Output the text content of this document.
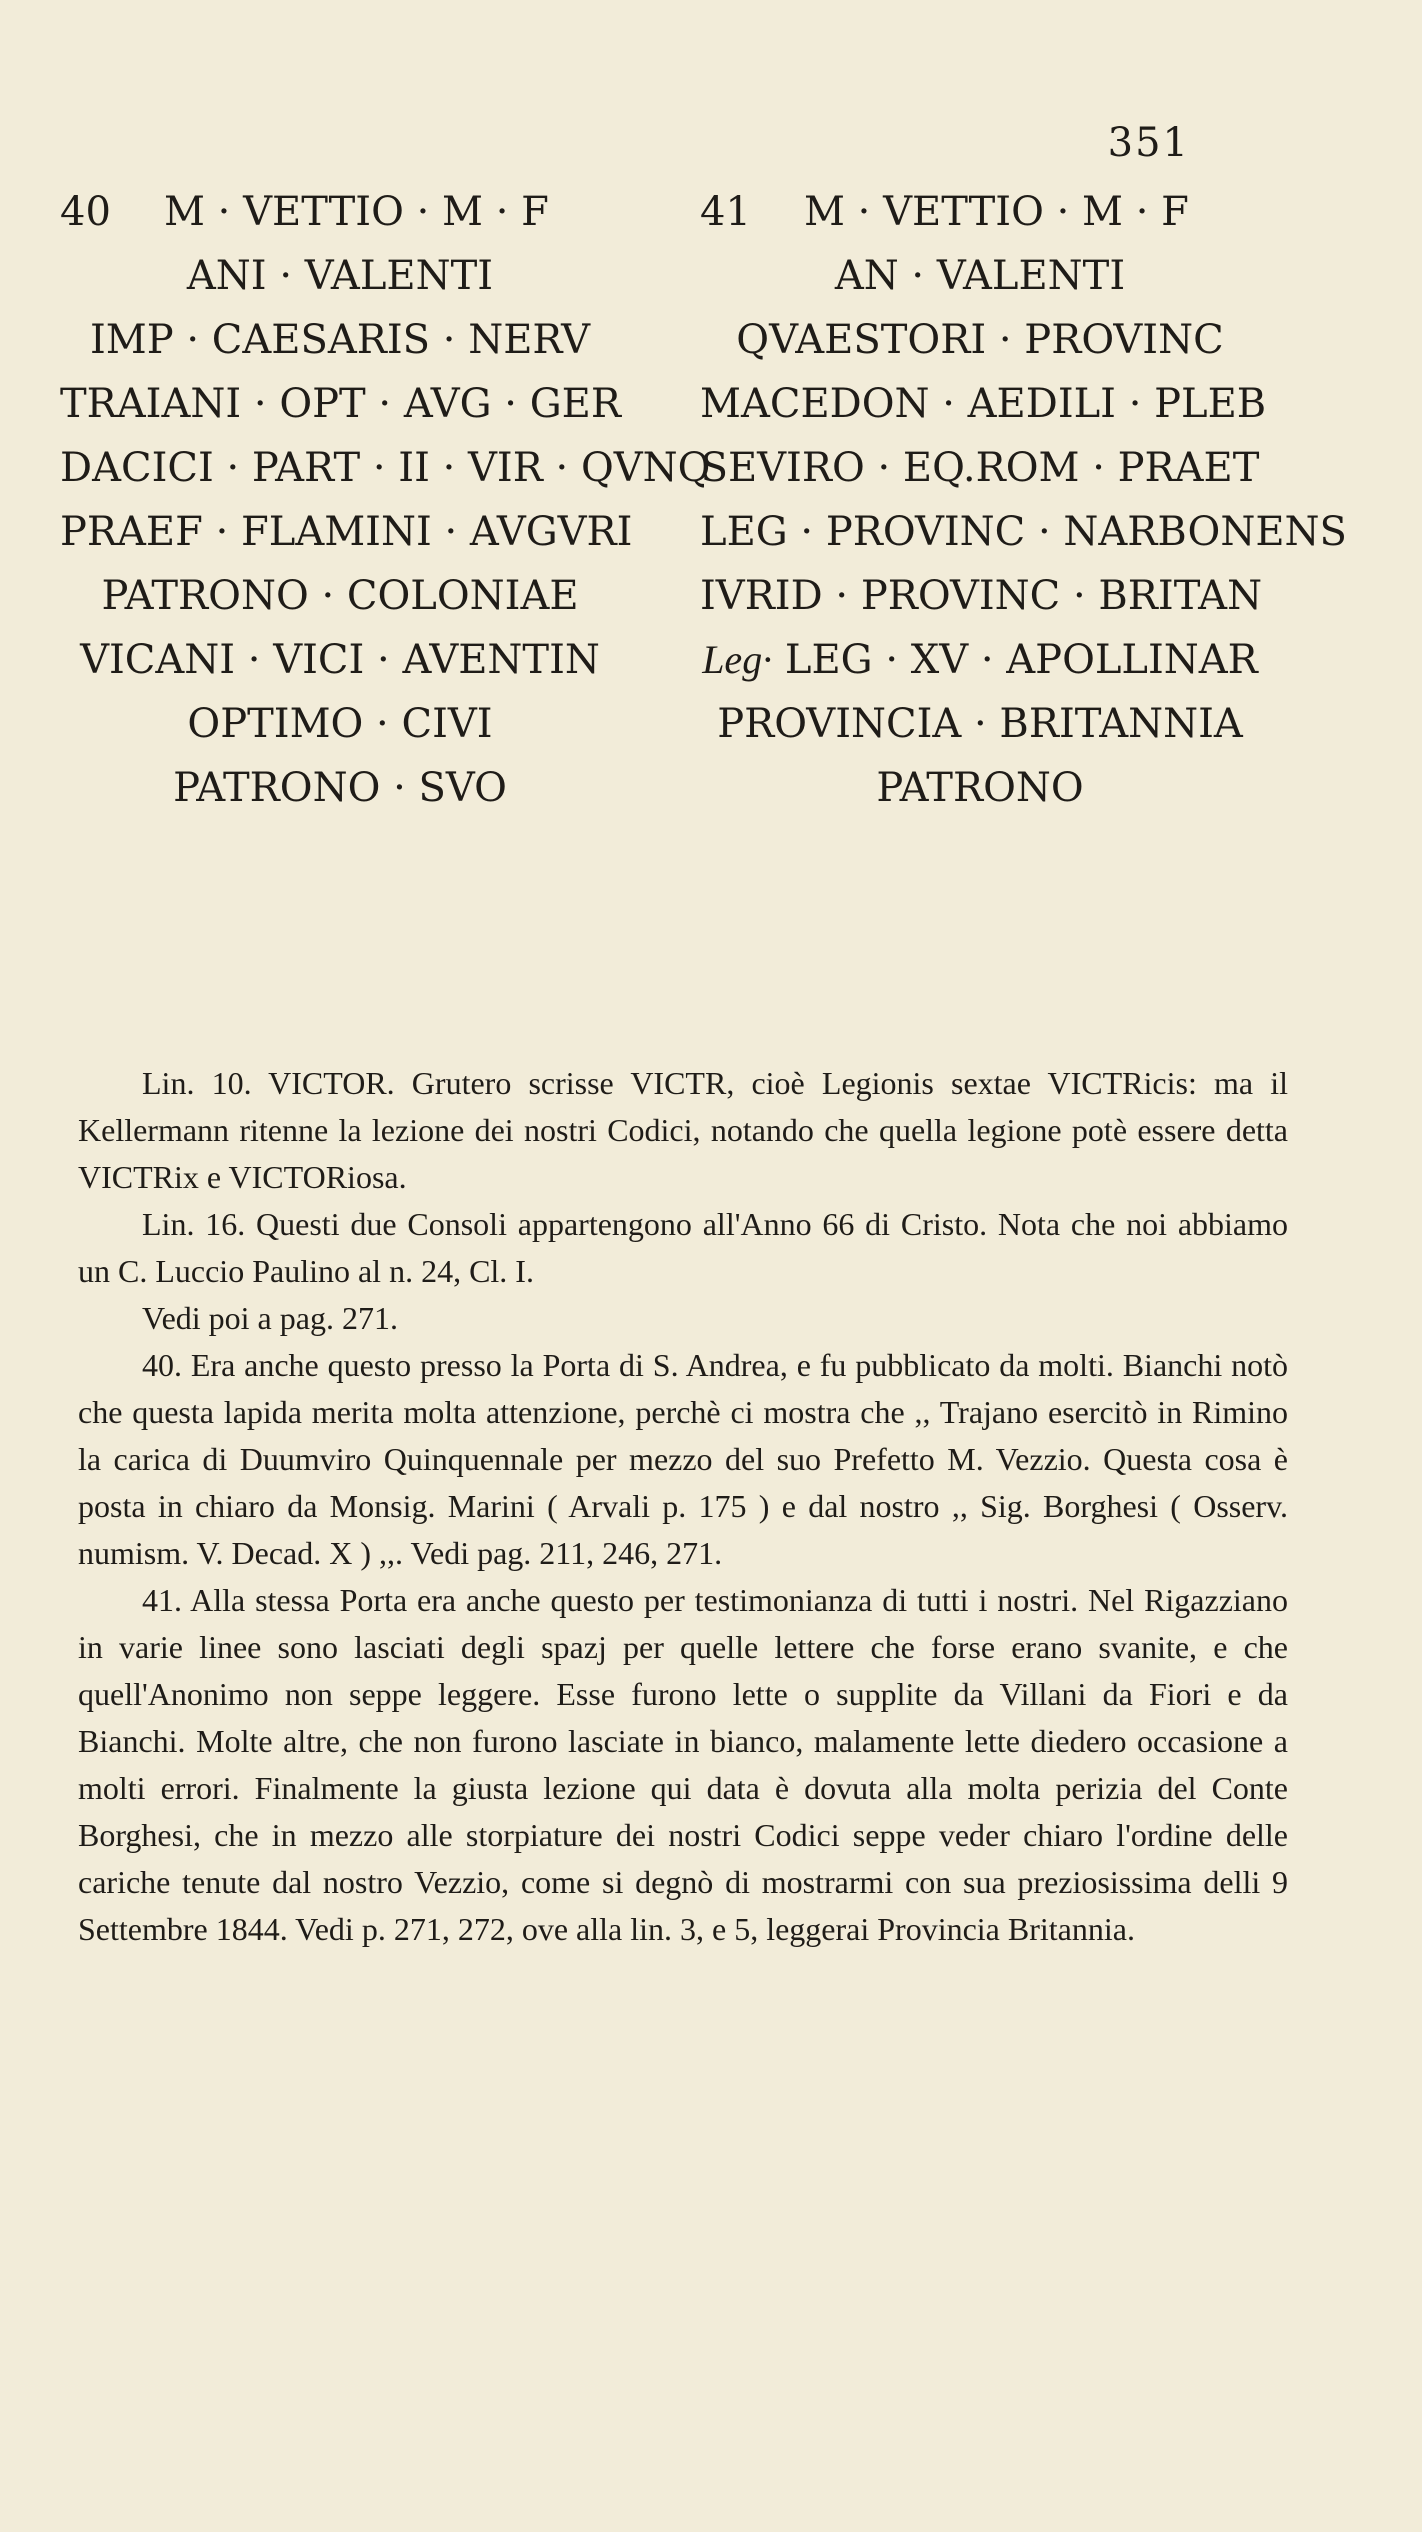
351
40	M · VETTIO · M · F
ANI · VALENTI
IMP · CAESARIS · NERV
TRAIANI · OPT · AVG · GER
DACICI · PART · II · VIR · QVNQ
PRAEF · FLAMINI · AVGVRI
PATRONO · COLONIAE
VICANI · VICI · AVENTIN
OPTIMO · CIVI
PATRONO · SVO
41	M · VETTIO · M · F
AN · VALENTI
QVAESTORI · PROVINC
MACEDON · AEDILI · PLEB
SEVIRO · EQ.ROM · PRAET
LEG · PROVINC · NARBONENS
IVRID · PROVINC · BRITAN
Leg· LEG · XV · APOLLINAR
PROVINCIA · BRITANNIA
PATRONO

Lin. 10. VICTOR. Grutero scrisse VICTR, cioè Legionis sextae VICTRicis: ma il Kellermann ritenne la lezione dei nostri Codici, notando che quella legione potè essere detta VICTRix e VICTORiosa.

Lin. 16. Questi due Consoli appartengono all'Anno 66 di Cristo. Nota che noi abbiamo un C. Luccio Paulino al n. 24, Cl. I.

Vedi poi a pag. 271.

40. Era anche questo presso la Porta di S. Andrea, e fu pubblicato da molti. Bianchi notò che questa lapida merita molta attenzione, perchè ci mostra che ,, Trajano esercitò in Rimino la carica di Duumviro Quinquennale per mezzo del suo Prefetto M. Vezzio. Questa cosa è posta in chiaro da Monsig. Marini ( Arvali p. 175 ) e dal nostro ,, Sig. Borghesi ( Osserv. numism. V. Decad. X ) ,,. Vedi pag. 211, 246, 271.

41. Alla stessa Porta era anche questo per testimonianza di tutti i nostri. Nel Rigazziano in varie linee sono lasciati degli spazj per quelle lettere che forse erano svanite, e che quell'Anonimo non seppe leggere. Esse furono lette o supplite da Villani da Fiori e da Bianchi. Molte altre, che non furono lasciate in bianco, malamente lette diedero occasione a molti errori. Finalmente la giusta lezione qui data è dovuta alla molta perizia del Conte Borghesi, che in mezzo alle storpiature dei nostri Codici seppe veder chiaro l'ordine delle cariche tenute dal nostro Vezzio, come si degnò di mostrarmi con sua preziosissima delli 9 Settembre 1844. Vedi p. 271, 272, ove alla lin. 3, e 5, leggerai Provincia Britannia.
